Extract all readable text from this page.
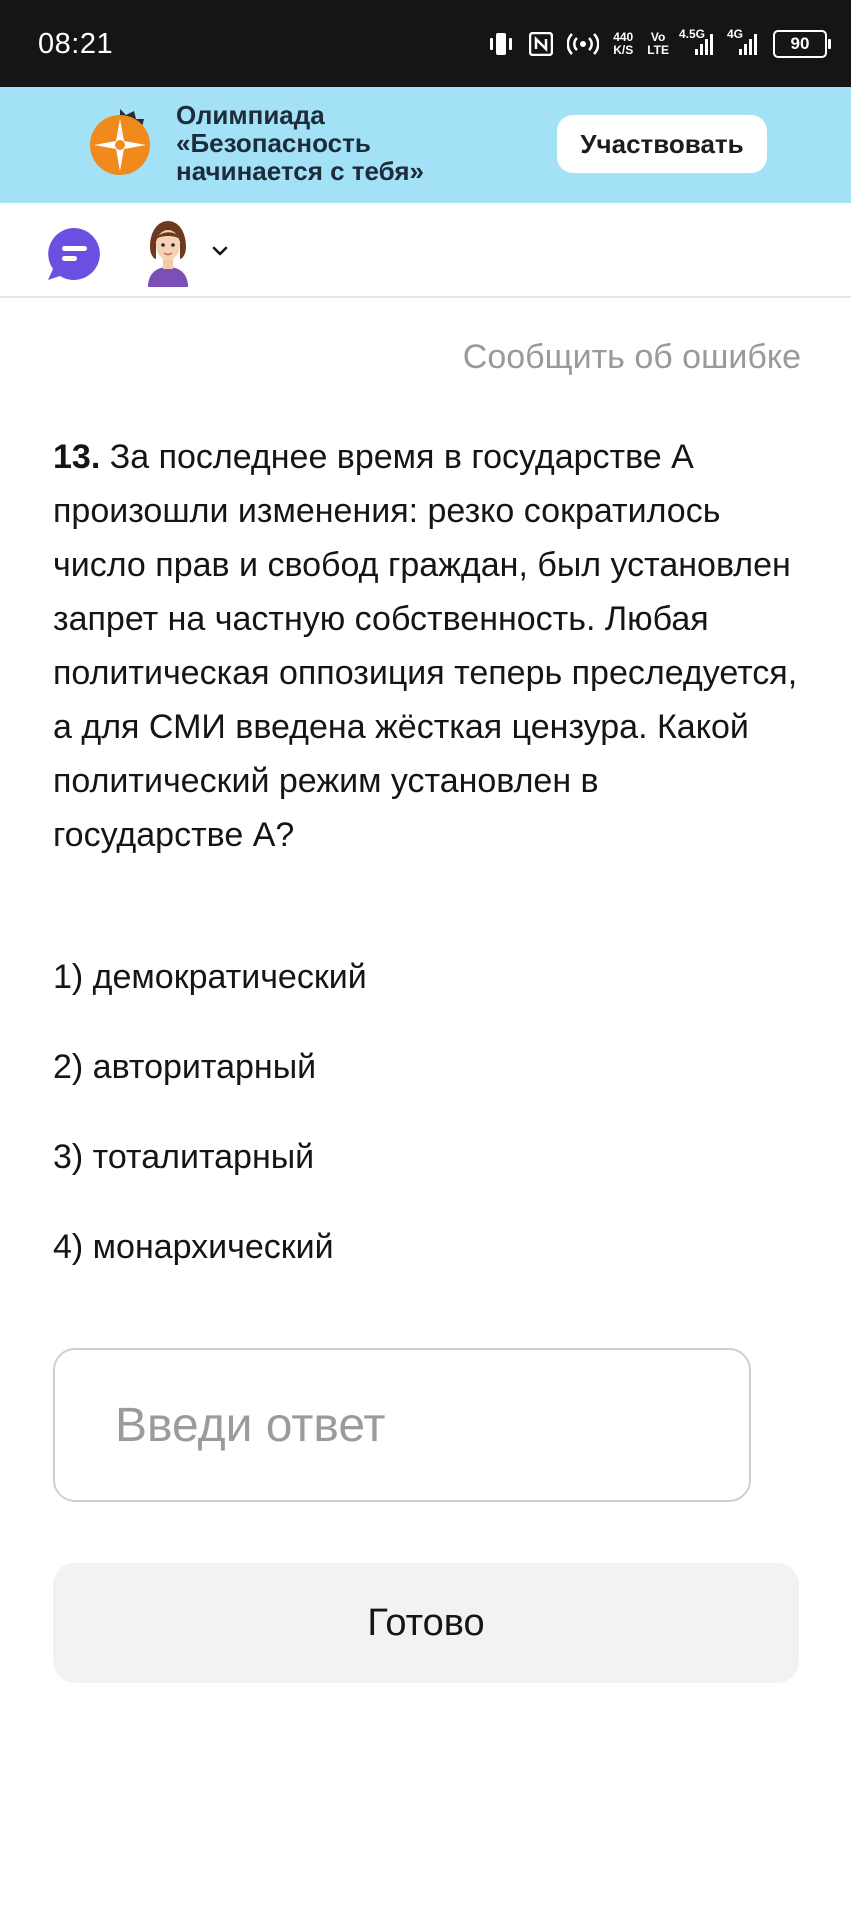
08:21	440
K/S
Vo
LTE
4.5G 4G	90
Олимпиада
«Безопасность
начинается с тебя»
Участвовать
Сообщить об ошибке
13. За последнее время в государстве А произошли изменения: резко сократилось число прав и свобод граждан, был установлен запрет на частную собственность. Любая политическая оппозиция теперь преследуется, а для СМИ введена жёсткая цензура. Какой политический режим установлен в государстве А?
1) демократический
2) авторитарный
3) тоталитарный
4) монархический
Введи ответ
Готово
